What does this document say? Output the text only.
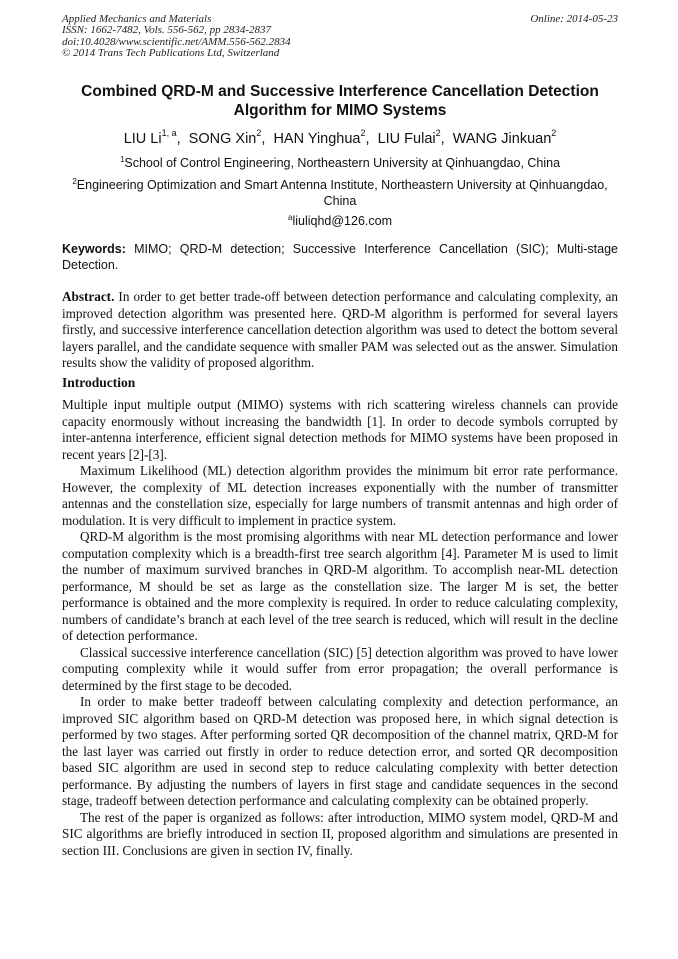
Applied Mechanics and Materials
ISSN: 1662-7482, Vols. 556-562, pp 2834-2837
doi:10.4028/www.scientific.net/AMM.556-562.2834
© 2014 Trans Tech Publications Ltd, Switzerland
Online: 2014-05-23
Combined QRD-M and Successive Interference Cancellation Detection Algorithm for MIMO Systems
LIU Li$^{1, a}$, SONG Xin$^2$, HAN Yinghua$^2$, LIU Fulai$^2$, WANG Jinkuan$^2$
$^1$School of Control Engineering, Northeastern University at Qinhuangdao, China
$^2$Engineering Optimization and Smart Antenna Institute, Northeastern University at Qinhuangdao, China
$^a$liuliqhd@126.com
Keywords: MIMO; QRD-M detection; Successive Interference Cancellation (SIC); Multi-stage Detection.
Abstract. In order to get better trade-off between detection performance and calculating complexity, an improved detection algorithm was presented here. QRD-M algorithm is performed for several layers firstly, and successive interference cancellation detection algorithm was used to detect the bottom several layers parallel, and the candidate sequence with smaller PAM was selected out as the answer. Simulation results show the validity of proposed algorithm.
Introduction

Multiple input multiple output (MIMO) systems with rich scattering wireless channels can provide capacity enormously without increasing the bandwidth [1]. In order to decode symbols corrupted by inter-antenna interference, efficient signal detection methods for MIMO systems have been proposed in recent years [2]-[3].

Maximum Likelihood (ML) detection algorithm provides the minimum bit error rate performance. However, the complexity of ML detection increases exponentially with the number of transmitter antennas and the constellation size, especially for large numbers of transmit antennas and high order of modulation. It is very difficult to implement in practice system.

QRD-M algorithm is the most promising algorithms with near ML detection performance and lower computation complexity which is a breadth-first tree search algorithm [4]. Parameter M is used to limit the number of maximum survived branches in QRD-M algorithm. To accomplish near-ML detection performance, M should be set as large as the constellation size. The larger M is set, the better performance is obtained and the more complexity is required. In order to reduce calculating complexity, numbers of candidate’s branch at each level of the tree search is reduced, which will result in the decline of detection performance.

Classical successive interference cancellation (SIC) [5] detection algorithm was proved to have lower computing complexity while it would suffer from error propagation; the overall performance is determined by the first stage to be decoded.

In order to make better tradeoff between calculating complexity and detection performance, an improved SIC algorithm based on QRD-M detection was proposed here, in which signal detection is performed by two stages. After performing sorted QR decomposition of the channel matrix, QRD-M for the last layer was carried out firstly in order to reduce detection error, and sorted QR decomposition based SIC algorithm are used in second step to reduce calculating complexity with better detection performance. By adjusting the numbers of layers in first stage and candidate sequences in the second stage, tradeoff between detection performance and calculating complexity can be obtained properly.

The rest of the paper is organized as follows: after introduction, MIMO system model, QRD-M and SIC algorithms are briefly introduced in section II, proposed algorithm and simulations are presented in section III. Conclusions are given in section IV, finally.
